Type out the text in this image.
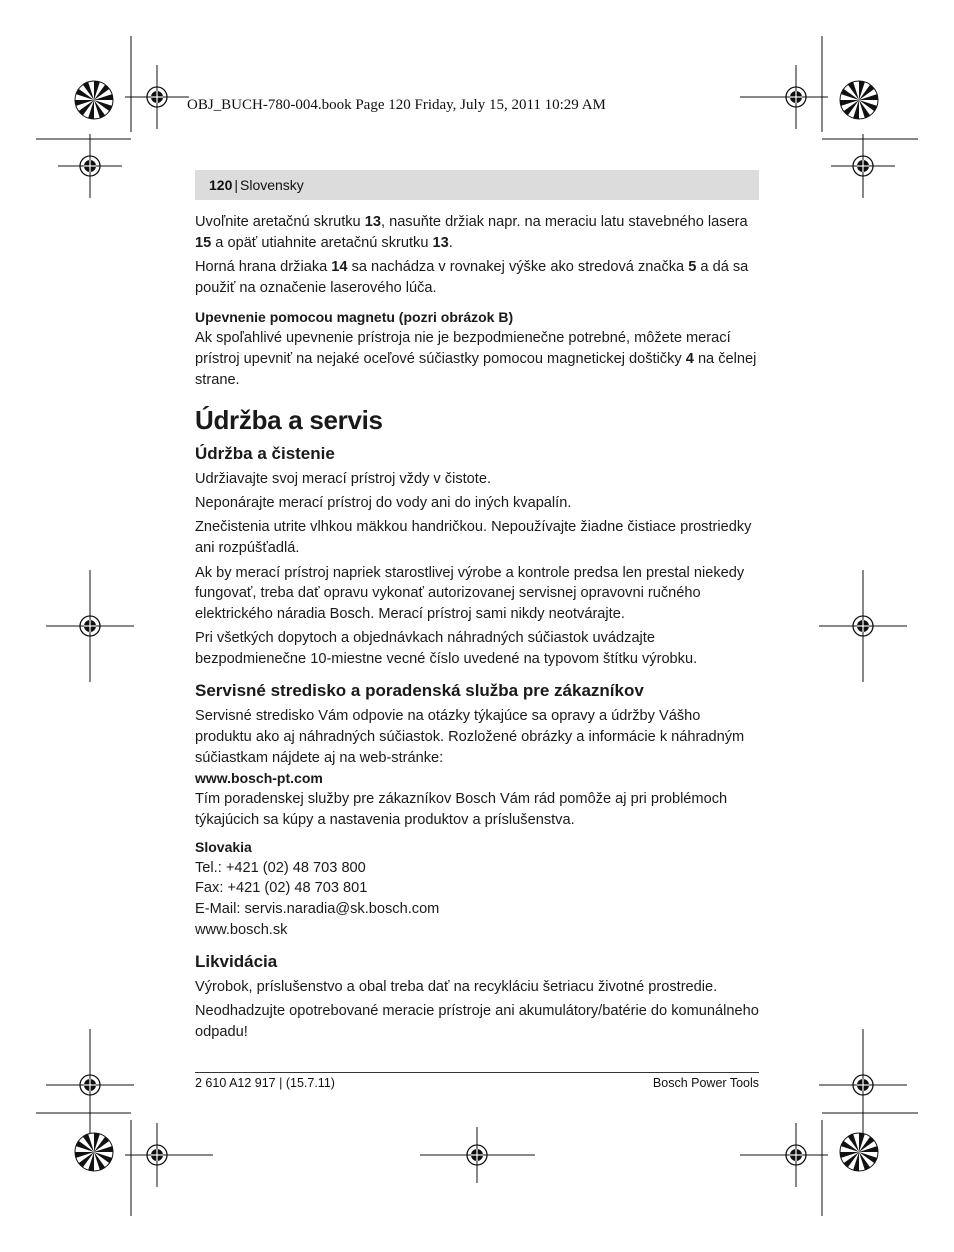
OBJ_BUCH-780-004.book Page 120 Friday, July 15, 2011 10:29 AM
120 | Slovensky

Uvoľnite aretačnú skrutku 13, nasuňte držiak napr. na meraciu latu stavebného lasera 15 a opäť utiahnite aretačnú skrutku 13.

Horná hrana držiaka 14 sa nachádza v rovnakej výške ako stredová značka 5 a dá sa použiť na označenie laserového lúča.

Upevnenie pomocou magnetu (pozri obrázok B)

Ak spoľahlivé upevnenie prístroja nie je bezpodmienečne potrebné, môžete merací prístroj upevniť na nejaké oceľové súčiastky pomocou magnetickej doštičky 4 na čelnej strane.

Údržba a servis
Údržba a čistenie

Udržiavajte svoj merací prístroj vždy v čistote.

Neponárajte merací prístroj do vody ani do iných kvapalín.

Znečistenia utrite vlhkou mäkkou handričkou. Nepoužívajte žiadne čistiace prostriedky ani rozpúšťadlá.

Ak by merací prístroj napriek starostlivej výrobe a kontrole predsa len prestal niekedy fungovať, treba dať opravu vykonať autorizovanej servisnej opravovni ručného elektrického náradia Bosch. Merací prístroj sami nikdy neotvárajte.

Pri všetkých dopytoch a objednávkach náhradných súčiastok uvádzajte bezpodmienečne 10-miestne vecné číslo uvedené na typovom štítku výrobku.

Servisné stredisko a poradenská služba pre zákazníkov

Servisné stredisko Vám odpovie na otázky týkajúce sa opravy a údržby Vášho produktu ako aj náhradných súčiastok. Rozložené obrázky a informácie k náhradným súčiastkam nájdete aj na web-stránke:

www.bosch-pt.com

Tím poradenskej služby pre zákazníkov Bosch Vám rád pomôže aj pri problémoch týkajúcich sa kúpy a nastavenia produktov a príslušenstva.

Slovakia
Tel.: +421 (02) 48 703 800
Fax: +421 (02) 48 703 801
E-Mail: servis.naradia@sk.bosch.com
www.bosch.sk
Likvidácia

Výrobok, príslušenstvo a obal treba dať na recykláciu šetriacu životné prostredie.

Neodhadzujte opotrebované meracie prístroje ani akumulátory/batérie do komunálneho odpadu!

2 610 A12 917 | (15.7.11)	Bosch Power Tools
